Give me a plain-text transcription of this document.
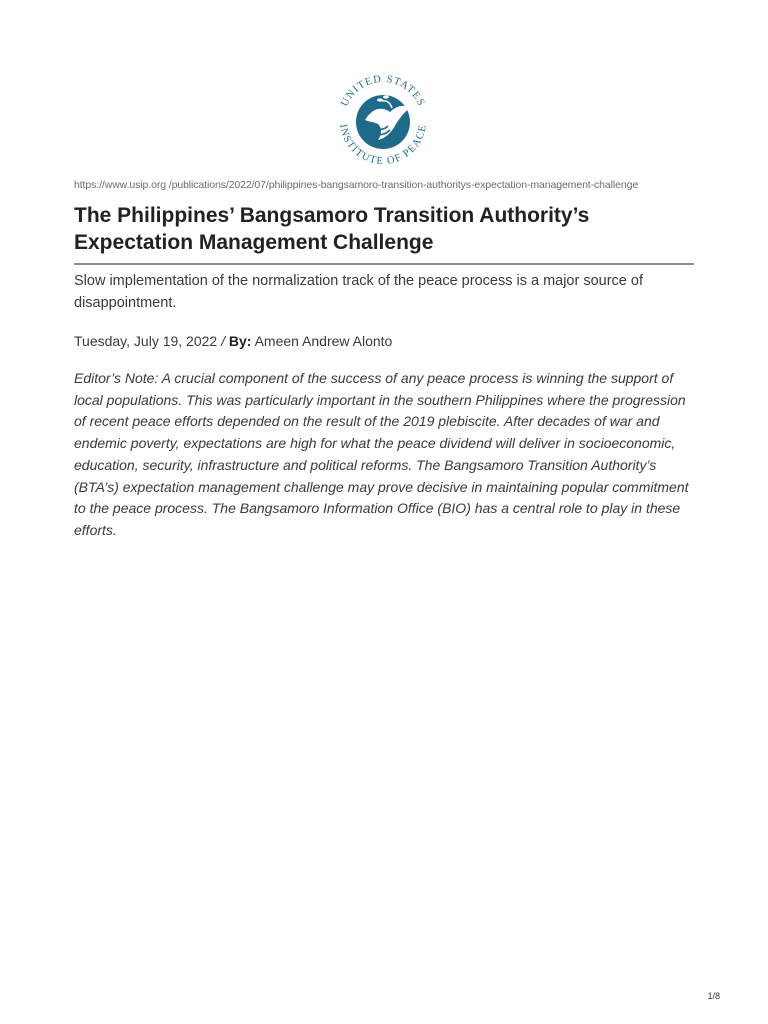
UNITED STATES
INSTITUTE OF PEACE
https://www.usip.org /publications/2022/07/philippines-bangsamoro-transition-authoritys-expectation-management-challenge
The Philippines’ Bangsamoro Transition Authority’s Expectation Management Challenge

Slow implementation of the normalization track of the peace process is a major source of disappointment.

Tuesday, July 19, 2022 / By: Ameen Andrew Alonto

Editor’s Note: A crucial component of the success of any peace process is winning the support of local populations. This was particularly important in the southern Philippines where the progression of recent peace efforts depended on the result of the 2019 plebiscite. After decades of war and endemic poverty, expectations are high for what the peace dividend will deliver in socioeconomic, education, security, infrastructure and political reforms. The Bangsamoro Transition Authority’s (BTA’s) expectation management challenge may prove decisive in maintaining popular commitment to the peace process. The Bangsamoro Information Office (BIO) has a central role to play in these efforts.

1/8
